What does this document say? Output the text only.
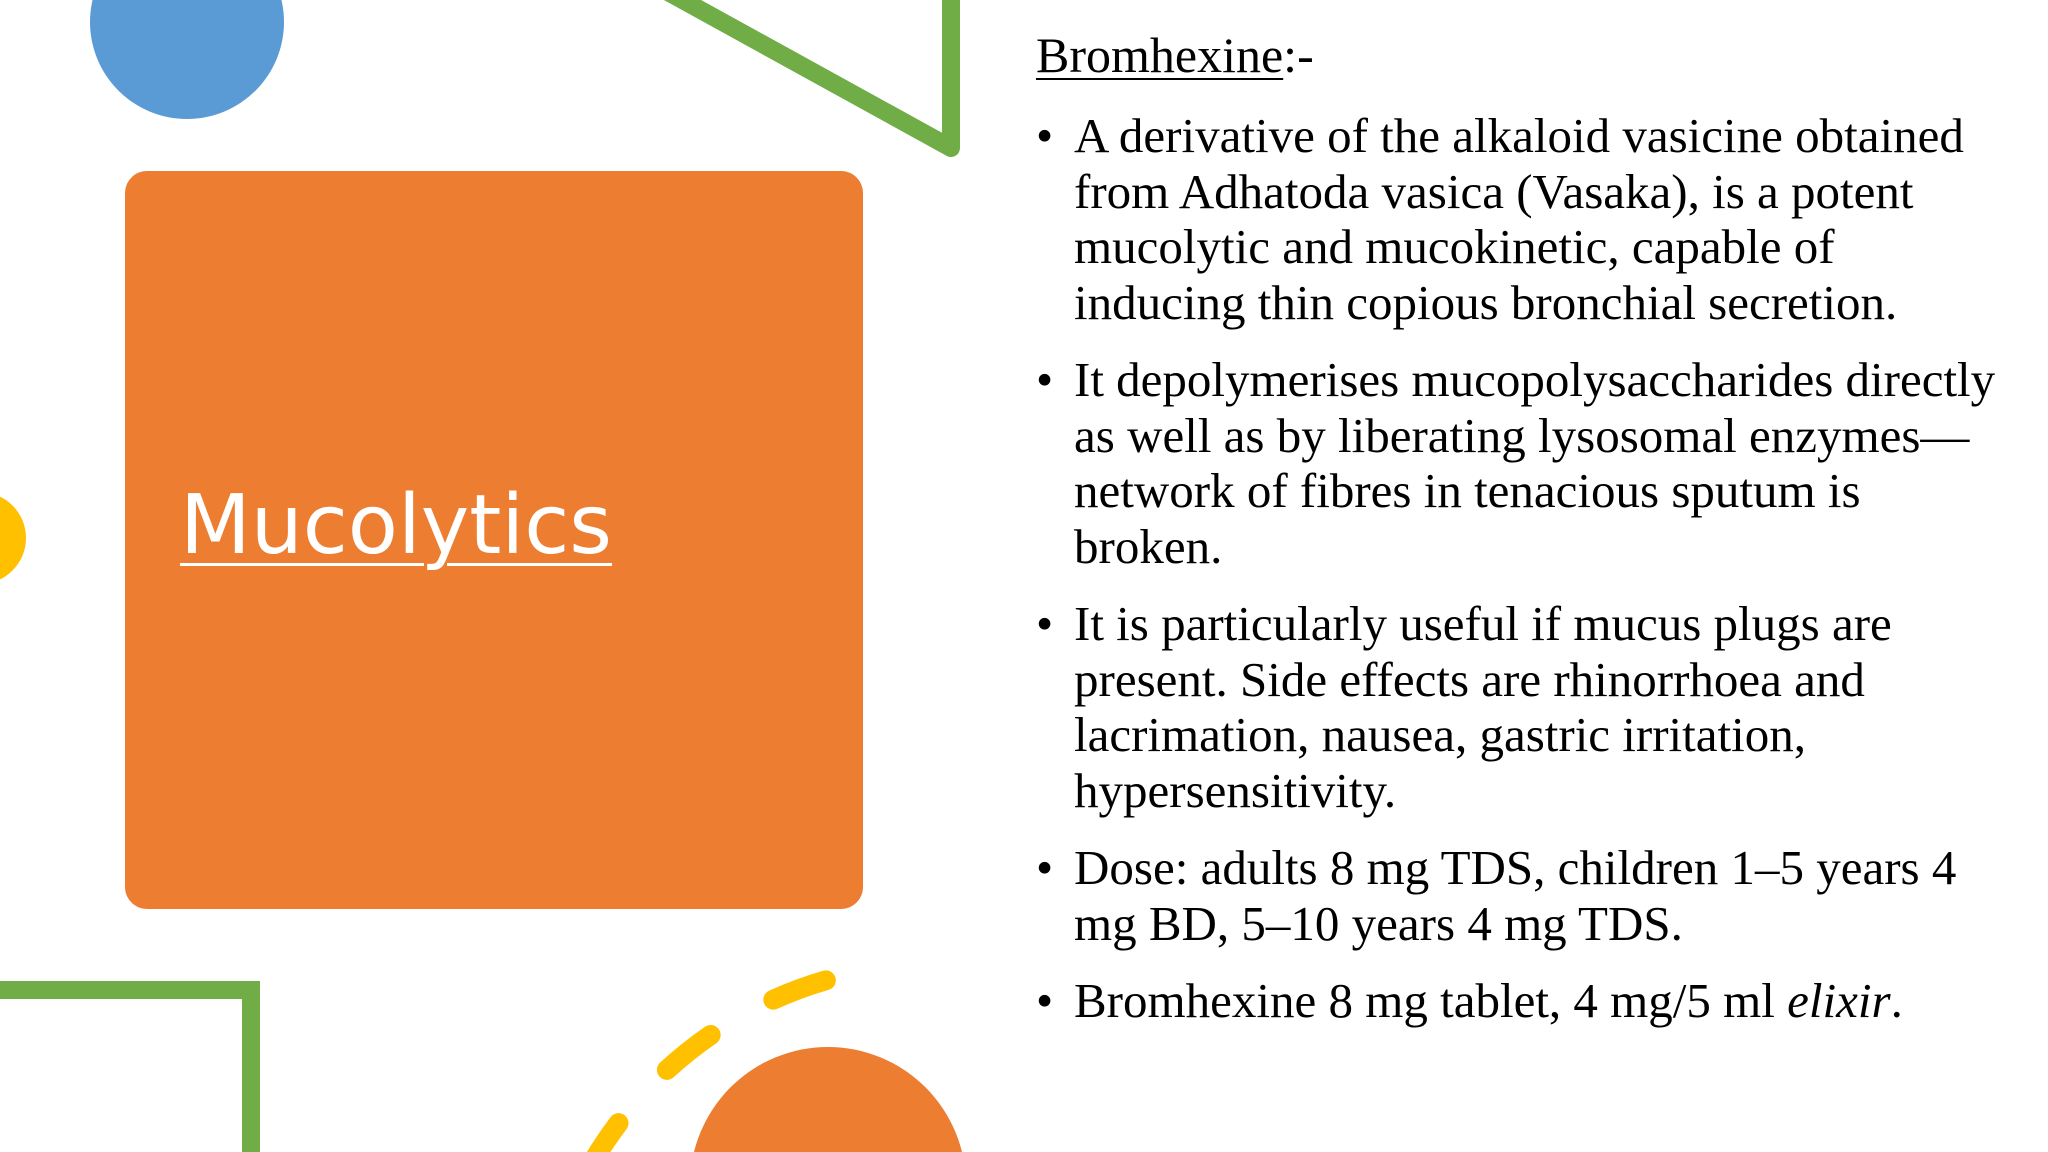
Mucolytics

Bromhexine:-

• A derivative of the alkaloid vasicine obtained from Adhatoda vasica (Vasaka), is a potent mucolytic and mucokinetic, capable of inducing thin copious bronchial secretion.
• It depolymerises mucopolysaccharides directly as well as by liberating lysosomal enzymes—network of fibres in tenacious sputum is broken.
• It is particularly useful if mucus plugs are present. Side effects are rhinorrhoea and lacrimation, nausea, gastric irritation, hypersensitivity.
• Dose: adults 8 mg TDS, children 1–5 years 4 mg BD, 5–10 years 4 mg TDS.
• Bromhexine 8 mg tablet, 4 mg/5 ml elixir.
